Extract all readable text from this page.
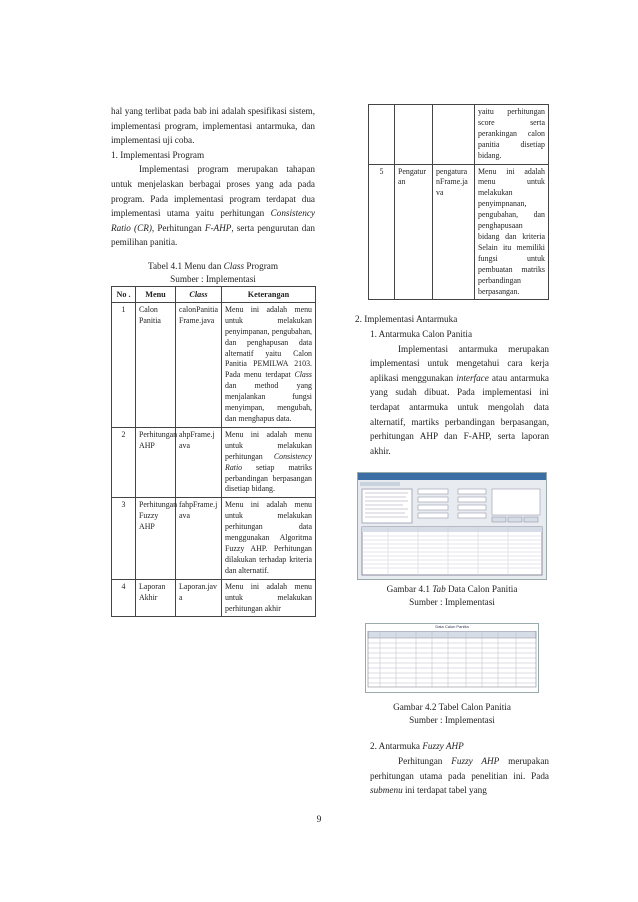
hal yang terlibat pada bab ini adalah spesifikasi sistem, implementasi program, implementasi antarmuka, dan implementasi uji coba.

1. Implementasi Program

Implementasi program merupakan tahapan untuk menjelaskan berbagai proses yang ada pada program. Pada implementasi program terdapat dua implementasi utama yaitu perhitungan Consistency Ratio (CR), Perhitungan F-AHP, serta pengurutan dan pemilihan panitia.

Tabel 4.1 Menu dan Class Program

Sumber : Implementasi

No .	Menu	Class	Keterangan
1	Calon Panitia	calonPanitiaFrame.java	Menu ini adalah menu untuk melakukan penyimpanan, pengubahan, dan penghapusan data alternatif yaitu Calon Panitia PEMILWA 2103. Pada menu terdapat Class dan method yang menjalankan fungsi menyimpan, mengubah, dan menghapus data.
2	Perhitungan AHP	ahpFrame.java	Menu ini adalah menu untuk melakukan perhitungan Consistency Ratio setiap matriks perbandingan berpasangan disetiap bidang.
3	Perhitungan Fuzzy AHP	fahpFrame.java	Menu ini adalah menu untuk melakukan perhitungan data menggunakan Algoritma Fuzzy AHP. Perhitungan dilakukan terhadap kriteria dan alternatif.
4	Laporan Akhir	Laporan.java	Menu ini adalah menu untuk melakukan perhitungan akhir
			yaitu perhitungan score serta perankingan calon panitia disetiap bidang.
5	Pengaturan	pengaturanFrame.java	Menu ini adalah menu untuk melakukan penyimpnanan, pengubahan, dan penghapusaan bidang dan kriteria Selain itu memiliki fungsi untuk pembuatan matriks perbandingan berpasangan.

2. Implementasi Antarmuka

1. Antarmuka Calon Panitia

Implementasi antarmuka merupakan implementasi untuk mengetahui cara kerja aplikasi menggunakan interface atau antarmuka yang sudah dibuat. Pada implementasi ini terdapat antarmuka untuk mengolah data alternatif, martiks perbandingan berpasangan, perhitungan AHP dan F-AHP, serta laporan akhir.

Gambar 4.1 Tab Data Calon Panitia

Sumber : Implementasi

Data Calon Panitia

Gambar 4.2 Tabel Calon Panitia

Sumber : Implementasi

2. Antarmuka Fuzzy AHP

Perhitungan Fuzzy AHP merupakan perhitungan utama pada penelitian ini. Pada submenu ini terdapat tabel yang

9
